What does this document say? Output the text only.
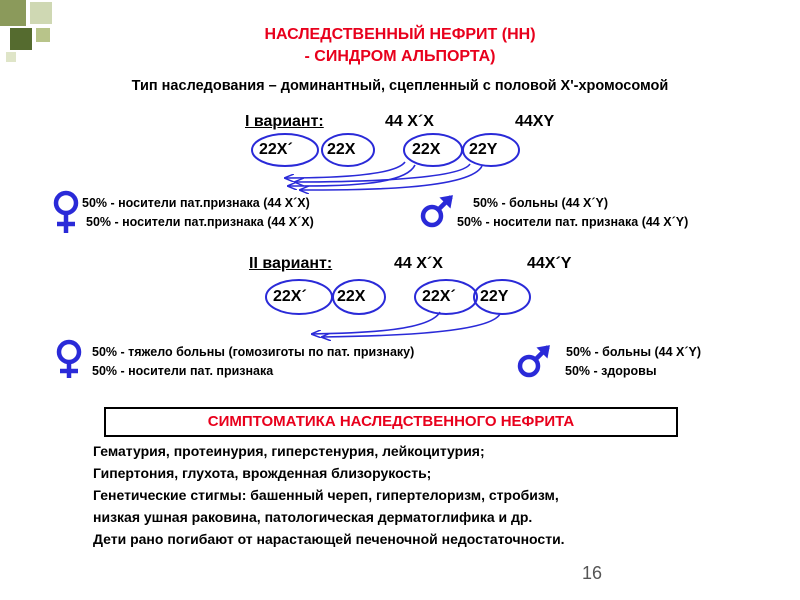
НАСЛЕДСТВЕННЫЙ НЕФРИТ (НН)
- СИНДРОМ АЛЬПОРТА)
Тип наследования – доминантный, сцепленный с половой X'-хромосомой
I вариант:	44 X´X	44XY
22X´ 22X	22X 22Y
50% - носители пат.признака (44 X´X)
50% - носители пат.признака (44 X´X)
50% - больны (44 X´Y)
50% - носители пат. признака (44 X´Y)
II вариант:	44 X´X	44X´Y
22X´ 22X	22X´ 22Y
50% - тяжело больны (гомозиготы по пат. признаку)
50% - носители пат. признака
50% - больны (44 X´Y)
50% - здоровы
СИМПТОМАТИКА НАСЛЕДСТВЕННОГО НЕФРИТА
Гематурия, протеинурия, гиперстенурия, лейкоцитурия;
Гипертония, глухота, врожденная близорукость;
Генетические стигмы: башенный череп, гипертелоризм, стробизм,
низкая ушная раковина, патологическая дерматоглифика и др.
Дети рано погибают от нарастающей печеночной недостаточности.
16
